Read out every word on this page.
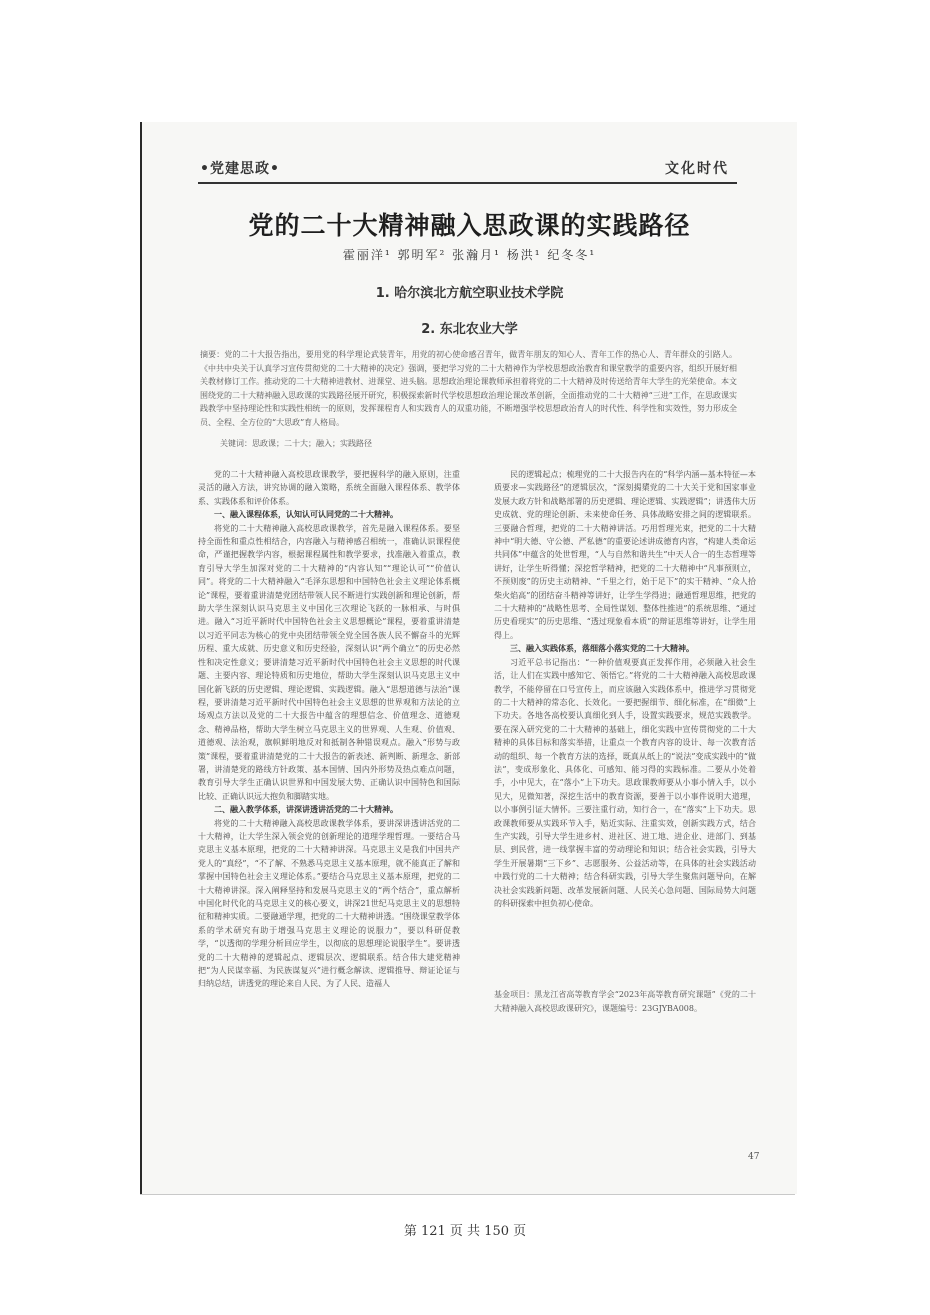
•党建思政•	文化时代
党的二十大精神融入思政课的实践路径
霍丽洋¹ 郭明军² 张瀚月¹ 杨洪¹ 纪冬冬¹
1. 哈尔滨北方航空职业技术学院
2. 东北农业大学
摘要：党的二十大报告指出，要用党的科学理论武装青年，用党的初心使命感召青年，做青年朋友的知心人、青年工作的热心人、青年群众的引路人。《中共中央关于认真学习宣传贯彻党的二十大精神的决定》强调，要把学习党的二十大精神作为学校思想政治教育和课堂教学的重要内容，组织开展好相关教材修订工作。推动党的二十大精神进教材、进课堂、进头脑。思想政治理论课教师承担着将党的二十大精神及时传送给青年大学生的光荣使命。本文围绕党的二十大精神融入思政课的实践路径展开研究，积极探索新时代学校思想政治理论课改革创新，全面推动党的二十大精神“三进”工作，在思政课实践教学中坚持理论性和实践性相统一的原则，发挥课程育人和实践育人的双重功能，不断增强学校思想政治育人的时代性、科学性和实效性，努力形成全员、全程、全方位的“大思政”育人格局。
关键词：思政课；二十大；融入；实践路径

党的二十大精神融入高校思政课教学，要把握科学的融入原则，注重灵活的融入方法，讲究协调的融入策略，系统全面融入课程体系、教学体系、实践体系和评价体系。

一、融入课程体系，认知认可认同党的二十大精神。

将党的二十大精神融入高校思政课教学，首先是融入课程体系。要坚持全面性和重点性相结合，内容融入与精神感召相统一，准确认识课程使命，严谨把握教学内容，根据课程属性和教学要求，找准融入着重点，教育引导大学生加深对党的二十大精神的“内容认知”“理论认可”“价值认同”。将党的二十大精神融入“毛泽东思想和中国特色社会主义理论体系概论”课程，要着重讲清楚党团结带领人民不断进行实践创新和理论创新，帮助大学生深刻认识马克思主义中国化三次理论飞跃的一脉相承、与时俱进。融入“习近平新时代中国特色社会主义思想概论”课程，要着重讲清楚以习近平同志为核心的党中央团结带领全党全国各族人民不懈奋斗的光辉历程、重大成就、历史意义和历史经验，深刻认识“两个确立”的历史必然性和决定性意义；要讲清楚习近平新时代中国特色社会主义思想的时代课题、主要内容、理论特质和历史地位，帮助大学生深刻认识马克思主义中国化新飞跃的历史逻辑、理论逻辑、实践逻辑。融入“思想道德与法治”课程，要讲清楚习近平新时代中国特色社会主义思想的世界观和方法论的立场观点方法以及党的二十大报告中蕴含的理想信念、价值理念、道德观念、精神品格，帮助大学生树立马克思主义的世界观、人生观、价值观、道德观、法治观，旗帜鲜明地反对和抵制各种错误观点。融入“形势与政策”课程，要着重讲清楚党的二十大报告的新表述、新判断、新理念、新部署，讲清楚党的路线方针政策、基本国情、国内外形势及热点难点问题，教育引导大学生正确认识世界和中国发展大势、正确认识中国特色和国际比较、正确认识远大抱负和脚踏实地。

二、融入教学体系，讲深讲透讲活党的二十大精神。

将党的二十大精神融入高校思政课教学体系，要讲深讲透讲活党的二十大精神，让大学生深入领会党的创新理论的道理学理哲理。一要结合马克思主义基本原理，把党的二十大精神讲深。马克思主义是我们中国共产党人的“真经”，“不了解、不熟悉马克思主义基本原理，就不能真正了解和掌握中国特色社会主义理论体系。”要结合马克思主义基本原理，把党的二十大精神讲深。深入阐释坚持和发展马克思主义的“两个结合”，重点解析中国化时代化的马克思主义的核心要义，讲深21世纪马克思主义的思想特征和精神实质。二要融通学理，把党的二十大精神讲透。“围绕课堂教学体系的学术研究有助于增强马克思主义理论的说服力”，要以科研促教学，“以透彻的学理分析回应学生，以彻底的思想理论说服学生”。要讲透党的二十大精神的逻辑起点、逻辑层次、逻辑联系。结合伟大建党精神把“为人民谋幸福、为民族谋复兴”进行概念解读、逻辑推导、辩证论证与归纳总结，讲透党的理论来自人民、为了人民、造福人

民的逻辑起点；梳理党的二十大报告内在的“科学内涵—基本特征—本质要求—实践路径”的逻辑层次，“深刻揭橥党的二十大关于党和国家事业发展大政方针和战略部署的历史逻辑、理论逻辑、实践逻辑”；讲透伟大历史成就、党的理论创新、未来使命任务、具体战略安排之间的逻辑联系。三要融合哲理，把党的二十大精神讲活。巧用哲理光束，把党的二十大精神中“明大德、守公德、严私德”的重要论述讲成德育内容，“构建人类命运共同体”中蕴含的处世哲理，“人与自然和谐共生”中天人合一的生态哲理等讲好，让学生听得懂；深挖哲学精神，把党的二十大精神中“凡事预则立，不预则废”的历史主动精神、“千里之行，始于足下”的实干精神、“众人拾柴火焰高”的团结奋斗精神等讲好，让学生学得进；融通哲理思维，把党的二十大精神的“战略性思考、全局性谋划、整体性推进”的系统思维、“通过历史看现实”的历史思维、“透过现象看本质”的辩证思维等讲好，让学生用得上。

三、融入实践体系，落细落小落实党的二十大精神。

习近平总书记指出：“一种价值观要真正发挥作用，必须融入社会生活，让人们在实践中感知它、领悟它。”将党的二十大精神融入高校思政课教学，不能停留在口号宣传上，而应该融入实践体系中，推进学习贯彻党的二十大精神的常态化、长效化。一要把握细节、细化标准，在“细微”上下功夫。各地各高校要认真细化到人手，设置实践要求，规范实践教学。要在深入研究党的二十大精神的基础上，细化实践中宣传贯彻党的二十大精神的具体目标和落实举措，让重点一个教育内容的设计、每一次教育活动的组织、每一个教育方法的选择，既真从纸上的“说法”变成实践中的“做法”，变成形象化、具体化、可感知、能习得的实践标准。二要从小处着手，小中见大，在“落小”上下功夫。思政课教师要从小事小情入手，以小见大，见微知著，深挖生活中的教育资源，要善于以小事件说明大道理，以小事例引证大情怀。三要注重行动，知行合一，在“落实”上下功夫。思政课教师要从实践环节入手，贴近实际、注重实效，创新实践方式，结合生产实践，引导大学生进乡村、进社区、进工地、进企业、进部门、到基层、到民营，进一线掌握丰富的劳动理论和知识；结合社会实践，引导大学生开展暑期“三下乡”、志愿服务、公益活动等，在具体的社会实践活动中践行党的二十大精神；结合科研实践，引导大学生聚焦问题导向，在解决社会实践新问题、改革发展新问题、人民关心急问题、国际局势大问题的科研探索中担负初心使命。

基金项目：黑龙江省高等教育学会“2023年高等教育研究课题”《党的二十大精神融入高校思政课研究》，课题编号：23GJYBA008。
47
第 121 页 共 150 页
